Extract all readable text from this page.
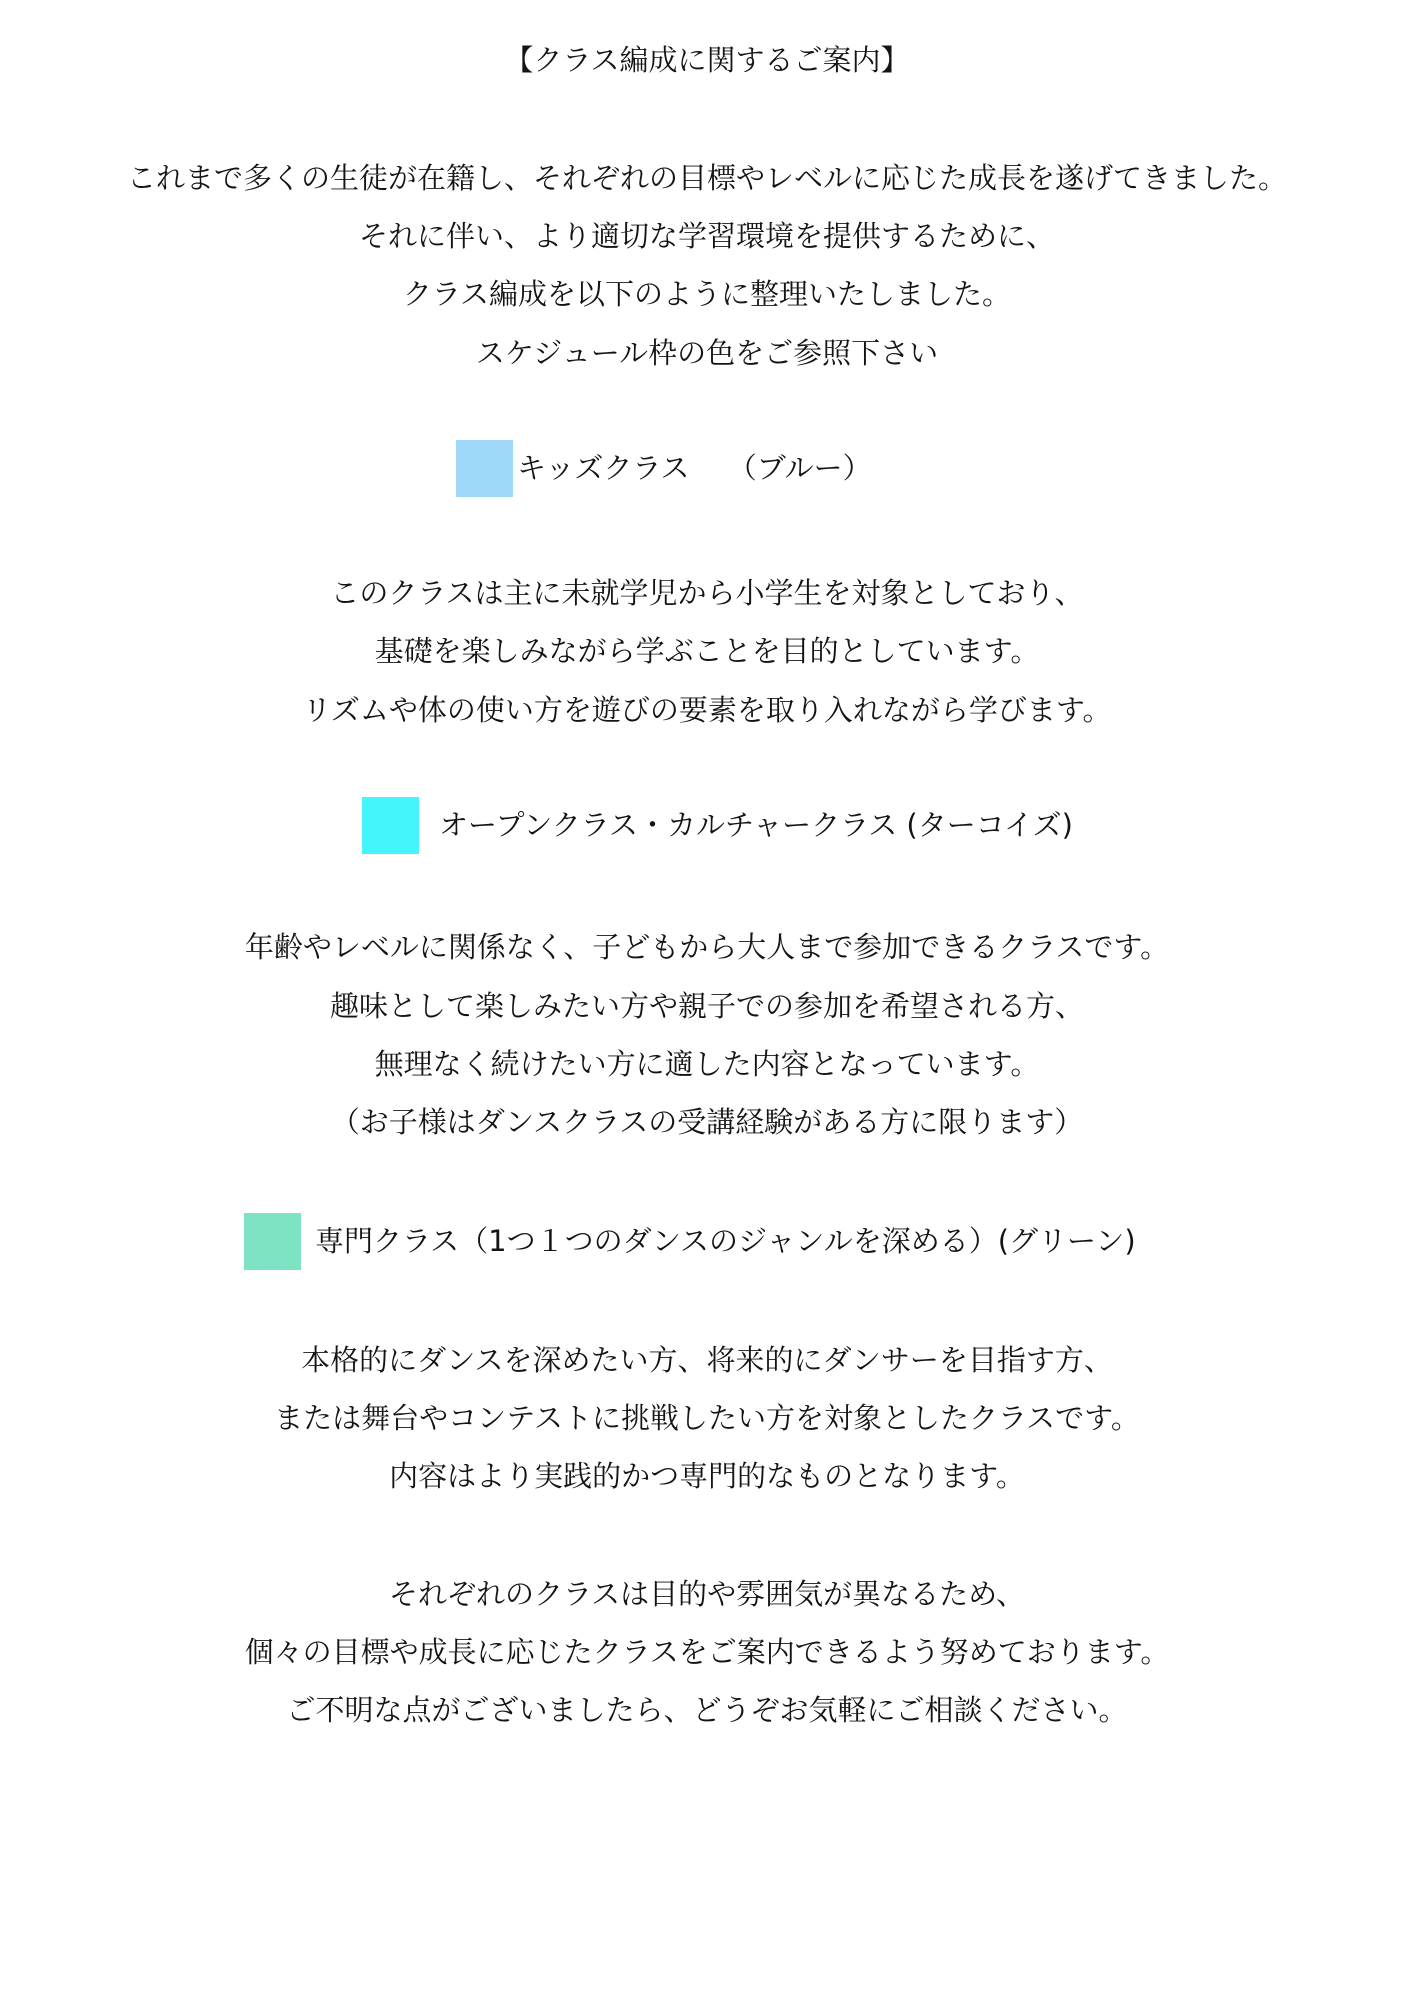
【クラス編成に関するご案内】
これまで多くの生徒が在籍し、それぞれの目標やレベルに応じた成長を遂げてきました。
それに伴い、より適切な学習環境を提供するために、
クラス編成を以下のように整理いたしました。
スケジュール枠の色をご参照下さい
キッズクラス　 （ブルー）
このクラスは主に未就学児から小学生を対象としており、
基礎を楽しみながら学ぶことを目的としています。
リズムや体の使い方を遊びの要素を取り入れながら学びます。
オープンクラス・カルチャークラス (ターコイズ)
年齢やレベルに関係なく、子どもから大人まで参加できるクラスです。
趣味として楽しみたい方や親子での参加を希望される方、
無理なく続けたい方に適した内容となっています。
（お子様はダンスクラスの受講経験がある方に限ります）
専門クラス（1つ１つのダンスのジャンルを深める）(グリーン)
本格的にダンスを深めたい方、将来的にダンサーを目指す方、
または舞台やコンテストに挑戦したい方を対象としたクラスです。
内容はより実践的かつ専門的なものとなります。
それぞれのクラスは目的や雰囲気が異なるため、
個々の目標や成長に応じたクラスをご案内できるよう努めております。
ご不明な点がございましたら、どうぞお気軽にご相談ください。
